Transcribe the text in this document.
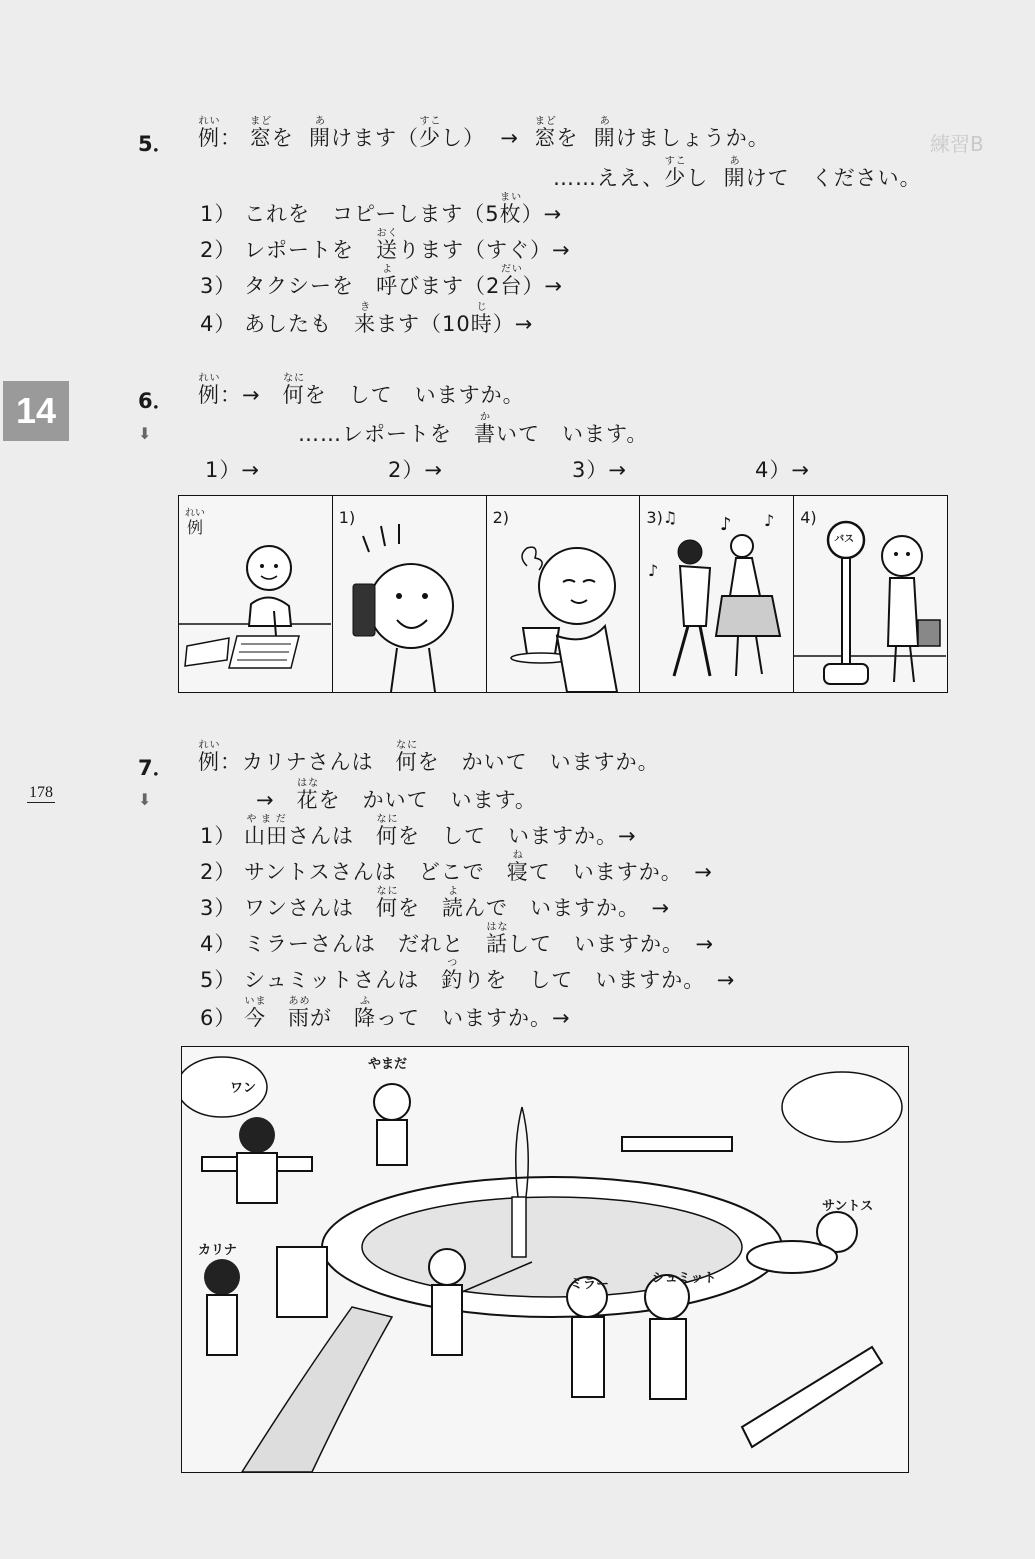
14
178
練習B
5． 例れい： 窓まどを 開あけます（少すこし） → 窓まどを 開あけましょうか。
……ええ、少すこし 開あけて　ください。
1） これを　コピーします（5枚まい）→
2） レポートを　送おくります（すぐ）→
3） タクシーを　呼よびます（2台だい）→
4） あしたも　来きます（10時じ）→
6．
⬇
例れい：→　何なにを　して　いますか。
……レポートを　書かいて　います。
1）→	2）→	3）→	4）→
例れい	1)	2)	3)♫ ♪ ♪
♪
4)
バス
7．
⬇
例れい：カリナさんは　何なにを　かいて　いますか。
→　花はなを　かいて　います。
1） 山田やまださんは　何なにを　して　いますか。→
2） サントスさんは　どこで　寝ねて　いますか。　→
3） ワンさんは　何なにを　読よんで　いますか。　→
4） ミラーさんは　だれと　話はなして　いますか。　→
5） シュミットさんは　釣つりを　して　いますか。　→
6） 今いま　雨あめが　降ふって　いますか。→
ワン
やまだ
カリナ
サントス
ミラー	シュミット
